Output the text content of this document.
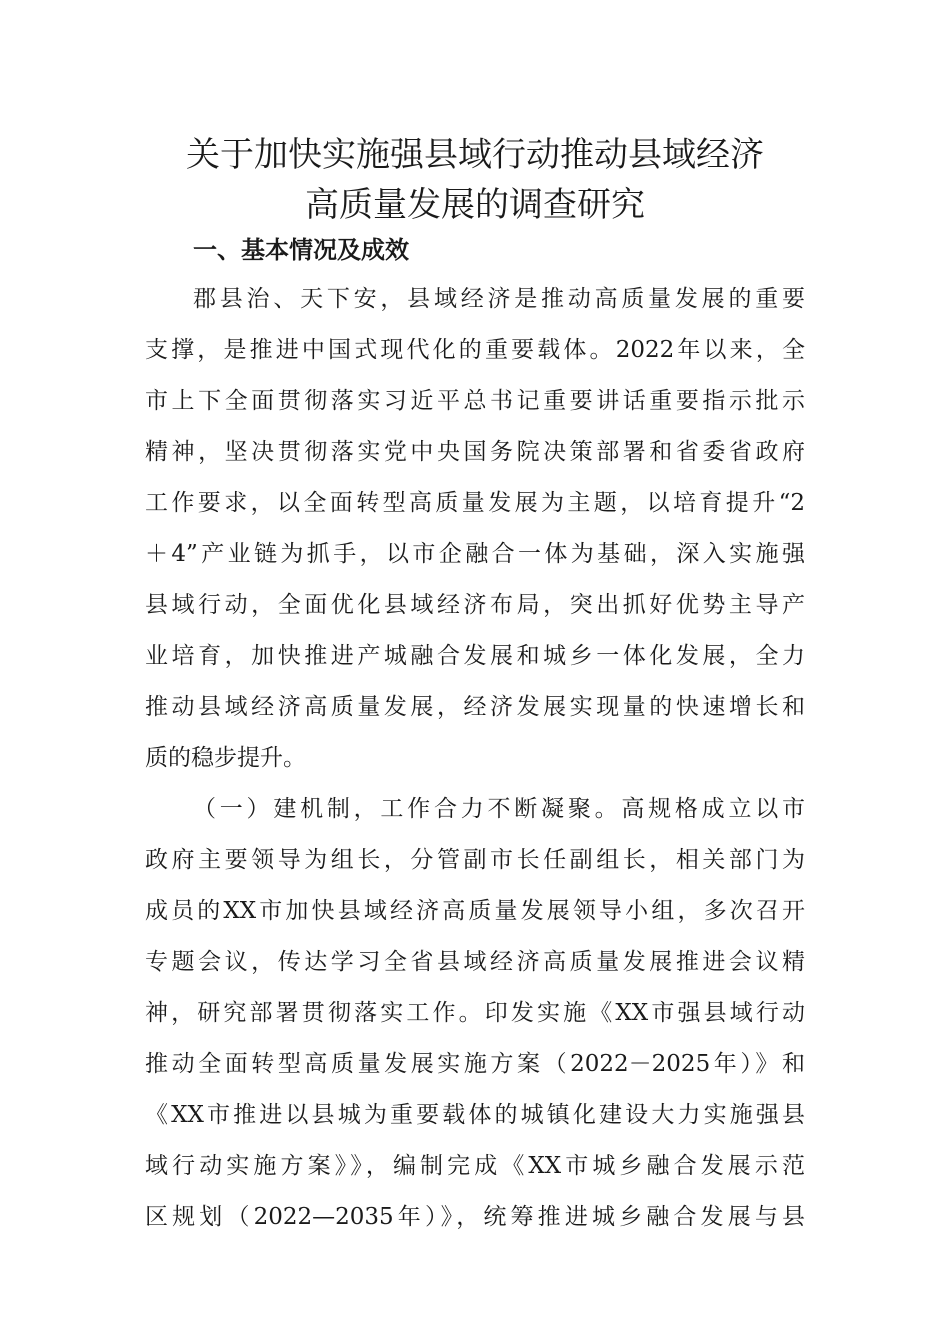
关于加快实施强县域行动推动县域经济
高质量发展的调查研究
一、基本情况及成效

郡县治、天下安，县域经济是推动高质量发展的重要

支撑，是推进中国式现代化的重要载体。2022年以来，全

市上下全面贯彻落实习近平总书记重要讲话重要指示批示

精神，坚决贯彻落实党中央国务院决策部署和省委省政府

工作要求，以全面转型高质量发展为主题，以培育提升“2

＋4”产业链为抓手，以市企融合一体为基础，深入实施强

县域行动，全面优化县域经济布局，突出抓好优势主导产

业培育，加快推进产城融合发展和城乡一体化发展，全力

推动县域经济高质量发展，经济发展实现量的快速增长和

质的稳步提升。

（一）建机制，工作合力不断凝聚。高规格成立以市

政府主要领导为组长，分管副市长任副组长，相关部门为

成员的XX市加快县域经济高质量发展领导小组，多次召开

专题会议，传达学习全省县域经济高质量发展推进会议精

神，研究部署贯彻落实工作。印发实施《XX市强县域行动

推动全面转型高质量发展实施方案（2022－2025年）》和

《XX市推进以县城为重要载体的城镇化建设大力实施强县

域行动实施方案》》，编制完成《XX市城乡融合发展示范

区规划（2022—2035年）》，统筹推进城乡融合发展与县
